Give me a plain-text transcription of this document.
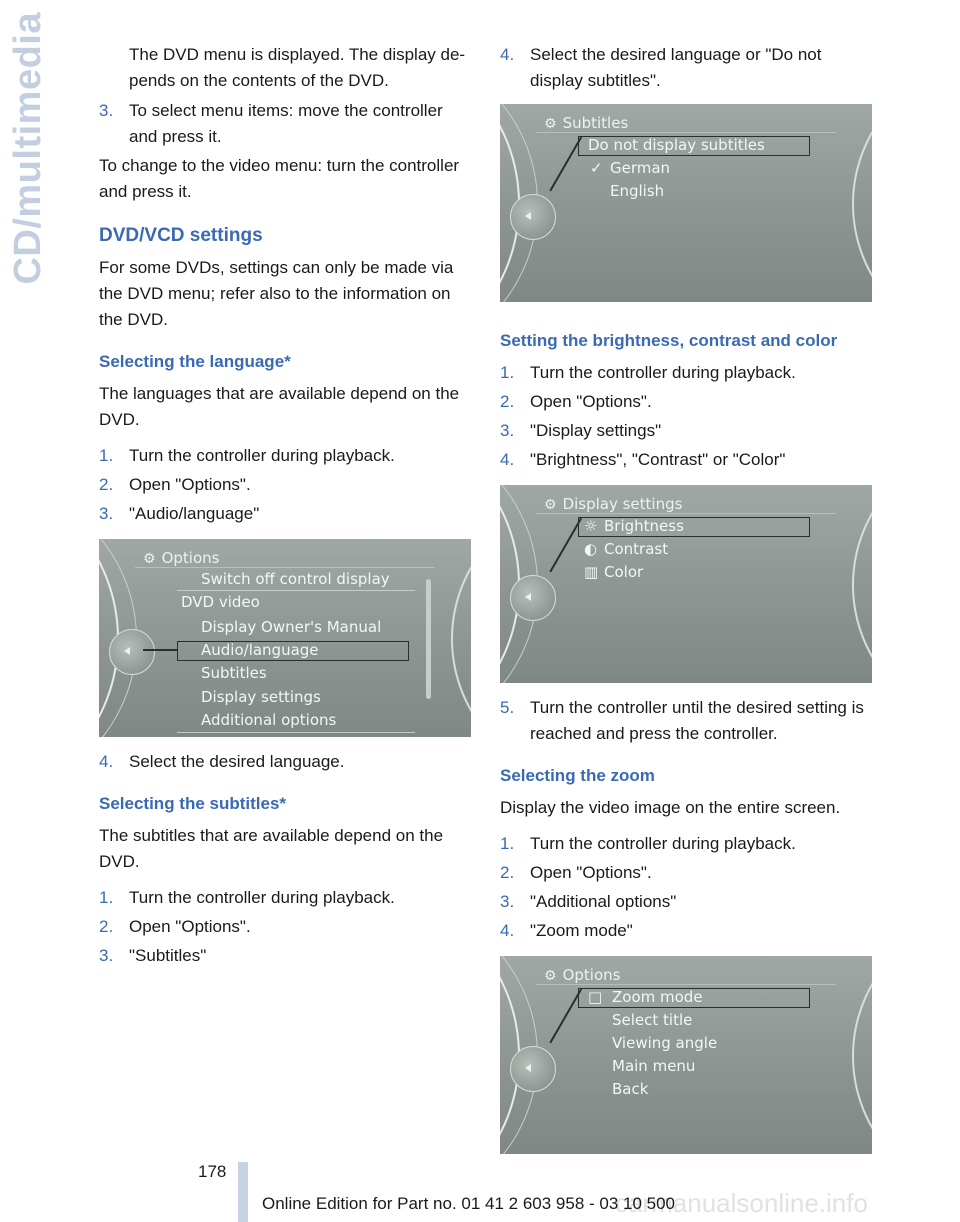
CD/multimedia	The DVD menu is displayed. The display depends on the contents of the DVD.

3. To select menu items: move the controller and press it.

To change to the video menu: turn the controller and press it.

DVD/VCD settings

For some DVDs, settings can only be made via the DVD menu; refer also to the information on the DVD.

Selecting the language*

The languages that are available depend on the DVD.

1. Turn the controller during playback.
2. Open "Options".
3. "Audio/language"
⚙ Options
Switch off control display
DVD video
Display Owner's Manual
Audio/language
Subtitles
Display settings
Additional options
4. Select the desired language.
Selecting the subtitles*

The subtitles that are available depend on the DVD.

1. Turn the controller during playback.
2. Open "Options".
3. "Subtitles"
4. Select the desired language or "Do not display subtitles".
⚙ Subtitles
Do not display subtitles
✓ German
English
Setting the brightness, contrast and color
1. Turn the controller during playback.
2. Open "Options".
3. "Display settings"
4. "Brightness", "Contrast" or "Color"
⚙ Display settings
☼ Brightness
◐ Contrast
▥ Color
5. Turn the controller until the desired setting is reached and press the controller.
Selecting the zoom

Display the video image on the entire screen.

1. Turn the controller during playback.
2. Open "Options".
3. "Additional options"
4. "Zoom mode"
⚙ Options
□ Zoom mode
Select title
Viewing angle
Main menu
Back
178
carmanualsonline.info
Online Edition for Part no. 01 41 2 603 958 - 03 10 500
